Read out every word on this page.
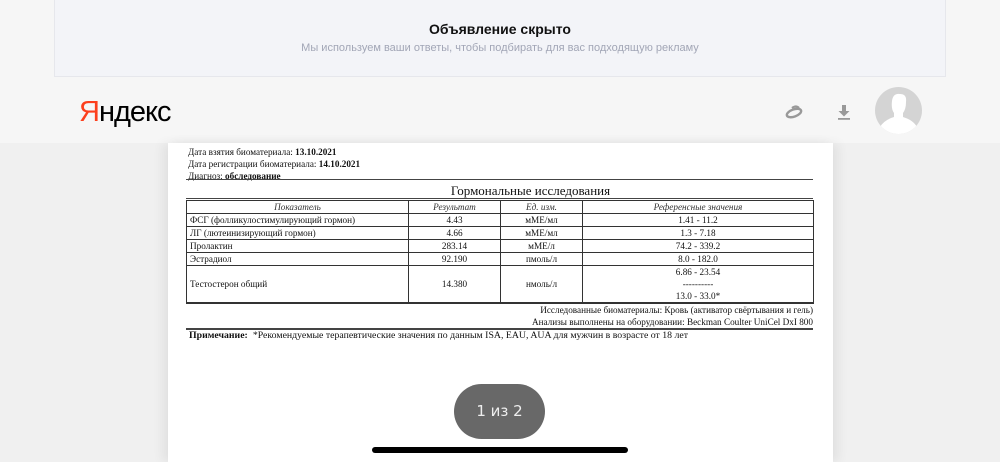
Объявление скрыто
Мы используем ваши ответы, чтобы подбирать для вас подходящую рекламу
Яндекс
Дата взятия биоматериала: 13.10.2021
Дата регистрации биоматериала: 14.10.2021
Диагноз: обследование
Гормональные исследования
Показатель	Результат	Ед. изм.	Референсные значения
ФСГ (фолликулостимулирующий гормон)	4.43	мМЕ/мл	1.41 - 11.2
ЛГ (лютеинизирующий гормон)	4.66	мМЕ/мл	1.3 - 7.18
Пролактин	283.14	мМЕ/л	74.2 - 339.2
Эстрадиол	92.190	пмоль/л	8.0 - 182.0
Тестостерон общий	14.380	нмоль/л	6.86 - 23.54
----------
13.0 - 33.0*
Исследованные биоматериалы: Кровь (активатор свёртывания и гель)
Анализы выполнены на оборудовании: Beckman Coulter UniCel DxI 800
Примечание: *Рекомендуемые терапевтические значения по данным ISA, EAU, AUA для мужчин в возрасте от 18 лет
1 из 2
